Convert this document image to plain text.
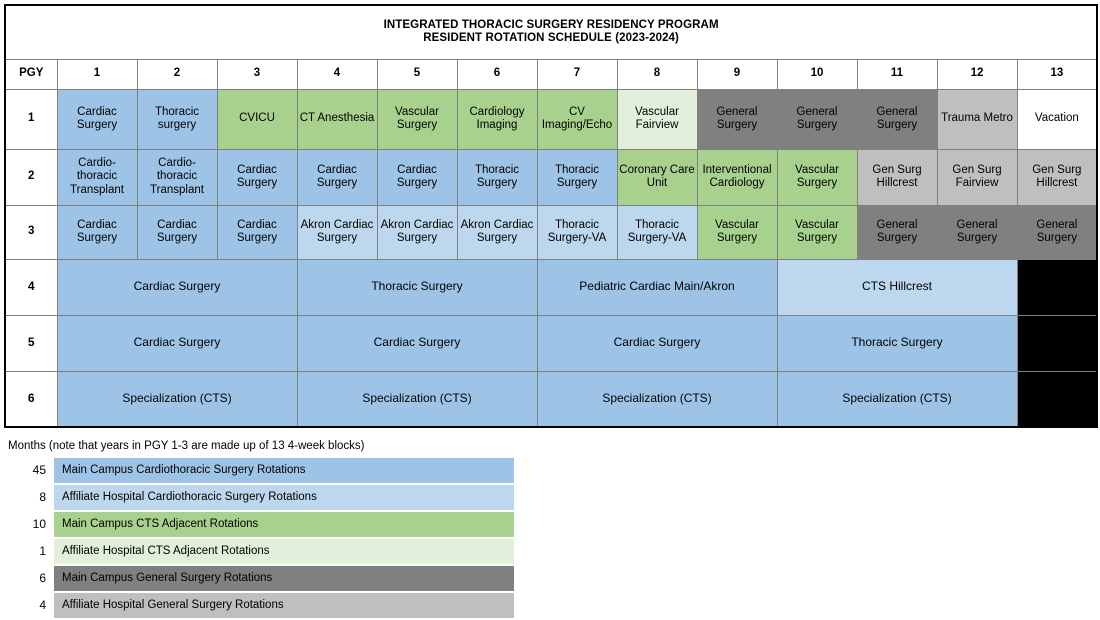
INTEGRATED THORACIC SURGERY RESIDENCY PROGRAM
RESIDENT ROTATION SCHEDULE (2023-2024)													

PGY	1	2	3	4	5	6	7	8	9	10	11	12	13
1	Cardiac Surgery	Thoracic surgery	CVICU	CT Anesthesia	Vascular Surgery	Cardiology Imaging	CV Imaging/Echo	Vascular Fairview	General Surgery	General Surgery	General Surgery	Trauma Metro	Vacation
2	Cardio-thoracic Transplant	Cardio-thoracic Transplant	Cardiac Surgery	Cardiac Surgery	Cardiac Surgery	Thoracic Surgery	Thoracic Surgery	Coronary Care Unit	Interventional Cardiology	Vascular Surgery	Gen Surg Hillcrest	Gen Surg Fairview	Gen Surg Hillcrest
3	Cardiac Surgery	Cardiac Surgery	Cardiac Surgery	Akron Cardiac Surgery	Akron Cardiac Surgery	Akron Cardiac Surgery	Thoracic Surgery-VA	Thoracic Surgery-VA	Vascular Surgery	Vascular Surgery	General Surgery	General Surgery	General Surgery
4	Cardiac Surgery			Thoracic Surgery			Pediatric Cardiac Main/Akron			CTS Hillcrest			
5	Cardiac Surgery			Cardiac Surgery			Cardiac Surgery			Thoracic Surgery			
6	Specialization (CTS)			Specialization (CTS)			Specialization (CTS)			Specialization (CTS)			
Months (note that years in PGY 1-3 are made up of 13 4-week blocks)
45	Main Campus Cardiothoracic Surgery Rotations
8	Affiliate Hospital Cardiothoracic Surgery Rotations
10	Main Campus CTS Adjacent Rotations
1	Affiliate Hospital CTS Adjacent Rotations
6	Main Campus General Surgery Rotations
4	Affiliate Hospital General Surgery Rotations
